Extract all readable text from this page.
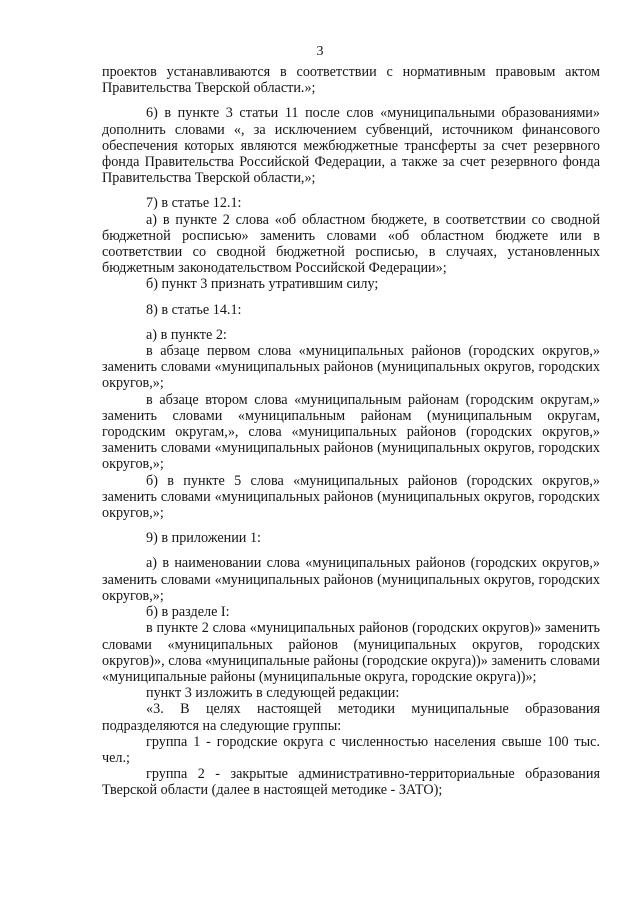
3

проектов устанавливаются в соответствии с нормативным правовым актом Правительства Тверской области.»;

6) в пункте 3 статьи 11 после слов «муниципальными образованиями» дополнить словами «, за исключением субвенций, источником финансового обеспечения которых являются межбюджетные трансферты за счет резервного фонда Правительства Российской Федерации, а также за счет резервного фонда Правительства Тверской области,»;

7) в статье 12.1:

а) в пункте 2 слова «об областном бюджете, в соответствии со сводной бюджетной росписью» заменить словами «об областном бюджете или в соответствии со сводной бюджетной росписью, в случаях, установленных бюджетным законодательством Российской Федерации»;

б) пункт 3 признать утратившим силу;

8) в статье 14.1:

а) в пункте 2:

в абзаце первом слова «муниципальных районов (городских округов,» заменить словами «муниципальных районов (муниципальных округов, городских округов,»;

в абзаце втором слова «муниципальным районам (городским округам,» заменить словами «муниципальным районам (муниципальным округам, городским округам,», слова «муниципальных районов (городских округов,» заменить словами «муниципальных районов (муниципальных округов, городских округов,»;

б) в пункте 5 слова «муниципальных районов (городских округов,» заменить словами «муниципальных районов (муниципальных округов, городских округов,»;

9) в приложении 1:

а) в наименовании слова «муниципальных районов (городских округов,» заменить словами «муниципальных районов (муниципальных округов, городских округов,»;

б) в разделе I:

в пункте 2 слова «муниципальных районов (городских округов)» заменить словами «муниципальных районов (муниципальных округов, городских округов)», слова «муниципальные районы (городские округа))» заменить словами «муниципальные районы (муниципальные округа, городские округа))»;

пункт 3 изложить в следующей редакции:

«3. В целях настоящей методики муниципальные образования подразделяются на следующие группы:

группа 1 - городские округа с численностью населения свыше 100 тыс. чел.;

группа 2 - закрытые административно-территориальные образования Тверской области (далее в настоящей методике - ЗАТО);
